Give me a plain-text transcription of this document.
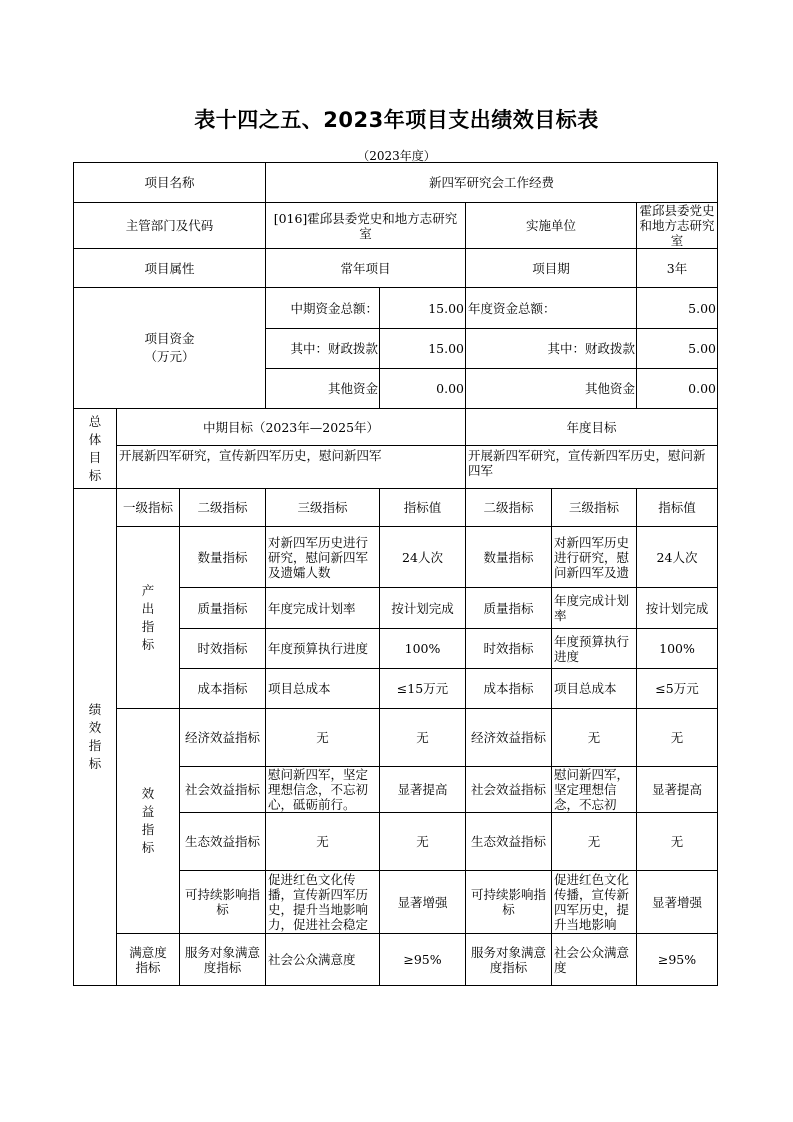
表十四之五、2023年项目支出绩效目标表
（2023年度）
项目名称			新四军研究会工作经费				
主管部门及代码			[016]霍邱县委党史和地方志研究室		实施单位		霍邱县委党史和地方志研究室
项目属性			常年项目		项目期		3年

项目资金（万元）			中期资金总额：	15.00	年度资金总额：		5.00
			其中：财政拨款	15.00	其中：财政拨款		5.00
			其他资金	0.00	其他资金		0.00
总体目标	中期目标（2023年—2025年）				年度目标		
	开展新四军研究，宣传新四军历史，慰问新四军				开展新四军研究，宣传新四军历史，慰问新四军		
绩效指标	一级指标	二级指标	三级指标	指标值	二级指标	三级指标	指标值
	产出指标	数量指标	对新四军历史进行研究，慰问新四军及遗孀人数	24人次	数量指标	对新四军历史进行研究，慰问新四军及遗	24人次
		质量指标	年度完成计划率	按计划完成	质量指标	年度完成计划率	按计划完成
		时效指标	年度预算执行进度	100%	时效指标	年度预算执行进度	100%
		成本指标	项目总成本	≤15万元	成本指标	项目总成本	≤5万元
	效益指标	经济效益指标	无	无	经济效益指标	无	无
		社会效益指标	慰问新四军，坚定理想信念，不忘初心，砥砺前行。	显著提高	社会效益指标	慰问新四军，坚定理想信念，不忘初	显著提高
		生态效益指标	无	无	生态效益指标	无	无
		可持续影响指标	促进红色文化传播，宣传新四军历史，提升当地影响力，促进社会稳定	显著增强	可持续影响指标	促进红色文化传播，宣传新四军历史，提升当地影响	显著增强

	满意度指标	服务对象满意度指标	社会公众满意度	≥95%	服务对象满意度指标	社会公众满意度	≥95%
